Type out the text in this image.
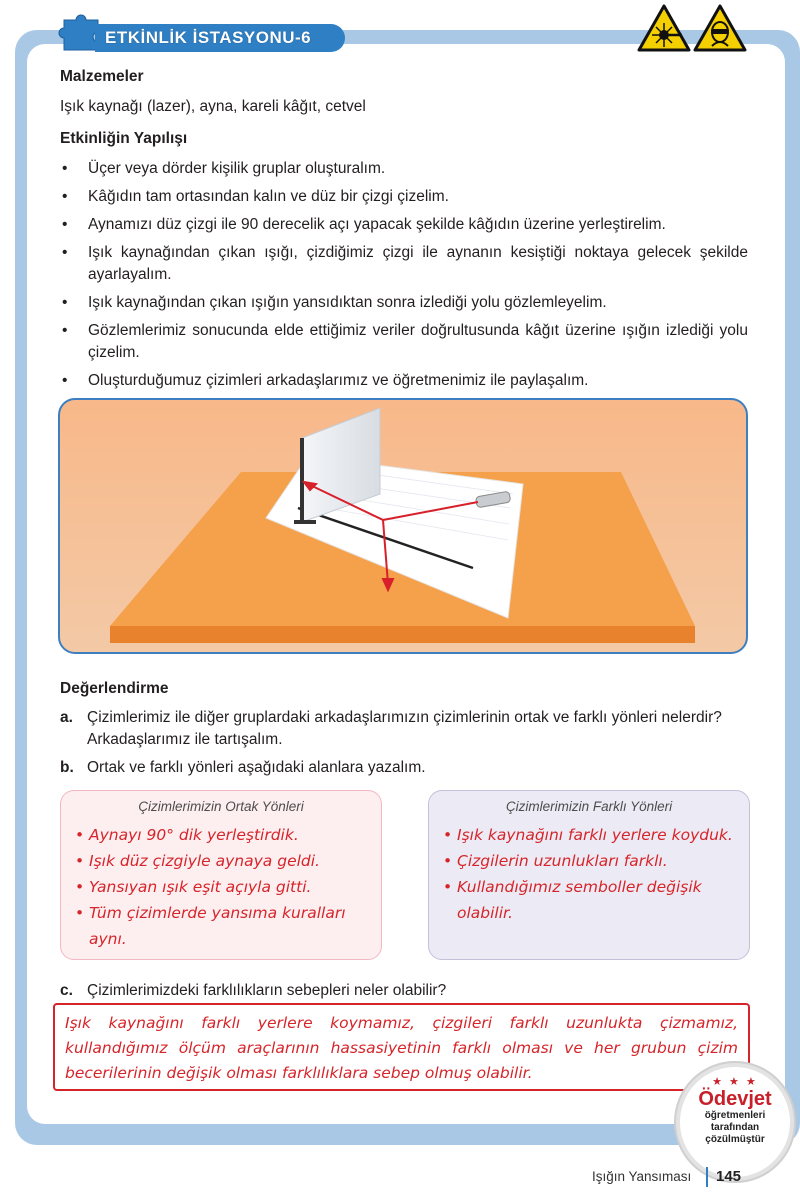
ETKİNLİK İSTASYONU-6
Malzemeler
Işık kaynağı (lazer), ayna, kareli kâğıt, cetvel
Etkinliğin Yapılışı
• Üçer veya dörder kişilik gruplar oluşturalım.
• Kâğıdın tam ortasından kalın ve düz bir çizgi çizelim.
• Aynamızı düz çizgi ile 90 derecelik açı yapacak şekilde kâğıdın üzerine yerleştirelim.
• Işık kaynağından çıkan ışığı, çizdiğimiz çizgi ile aynanın kesiştiği noktaya gelecek şekilde ayarlayalım.
• Işık kaynağından çıkan ışığın yansıdıktan sonra izlediği yolu gözlemleyelim.
• Gözlemlerimiz sonucunda elde ettiğimiz veriler doğrultusunda kâğıt üzerine ışığın izlediği yolu çizelim.
• Oluşturduğumuz çizimleri arkadaşlarımız ve öğretmenimiz ile paylaşalım.
Değerlendirme
a. Çizimlerimiz ile diğer gruplardaki arkadaşlarımızın çizimlerinin ortak ve farklı yönleri nelerdir? Arkadaşlarımız ile tartışalım.
b. Ortak ve farklı yönleri aşağıdaki alanlara yazalım.
Çizimlerimizin Ortak Yönleri
• Aynayı 90° dik yerleştirdik.
• Işık düz çizgiyle aynaya geldi.
• Yansıyan ışık eşit açıyla gitti.
• Tüm çizimlerde yansıma kuralları aynı.
Çizimlerimizin Farklı Yönleri
• Işık kaynağını farklı yerlere koyduk.
• Çizgilerin uzunlukları farklı.
• Kullandığımız semboller değişik olabilir.
c. Çizimlerimizdeki farklılıkların sebepleri neler olabilir?
Işık kaynağını farklı yerlere koymamız, çizgileri farklı uzunlukta çizmamız, kullandığımız ölçüm araçlarının hassasiyetinin farklı olması ve her grubun çizim becerilerinin değişik olması farklılıklara sebep olmuş olabilir.	★ ★ ★
Ödevjet
öğretmenleri
tarafından
çözülmüştür
Işığın Yansıması 145
